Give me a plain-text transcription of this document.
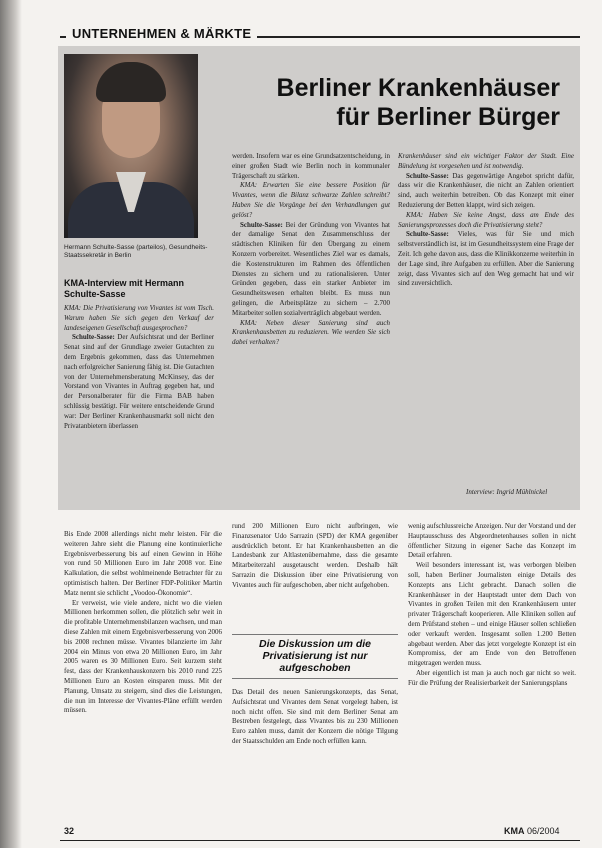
UNTERNEHMEN & MÄRKTE
Hermann Schulte-Sasse (parteilos), Gesundheits-Staatssekretär in Berlin
Berliner Krankenhäuser
für Berliner Bürger
KMA-Interview mit Hermann Schulte-Sasse

KMA: Die Privatisierung von Vivantes ist vom Tisch. Warum haben Sie sich gegen den Verkauf der landeseigenen Gesellschaft ausgesprochen?

Schulte-Sasse: Der Aufsichtsrat und der Berliner Senat sind auf der Grundlage zweier Gutachten zu dem Ergebnis gekommen, dass das Unternehmen nach erfolgreicher Sanierung fähig ist. Die Gutachten von der Unternehmensberatung McKinsey, das der Vorstand von Vivantes in Auftrag gegeben hat, und der Personalberater für die Firma BAB haben schlüssig bestätigt. Für weitere entscheidende Grund war: Der Berliner Krankenhausmarkt soll nicht den Privatanbietern überlassen

werden. Insofern war es eine Grundsatzentscheidung, in einer großen Stadt wie Berlin noch in kommunaler Trägerschaft zu stärken.

KMA: Erwarten Sie eine bessere Position für Vivantes, wenn die Bilanz schwarze Zahlen schreibt? Haben Sie die Vorgänge bei den Verhandlungen gut gelöst?

Schulte-Sasse: Bei der Gründung von Vivantes hat der damalige Senat den Zusammenschluss der städtischen Kliniken für den Übergang zu einem Konzern vorbereitet. Wesentliches Ziel war es damals, die Kostenstrukturen im Rahmen des öffentlichen Dienstes zu sichern und zu rationalisieren. Unter Gründen gegeben, dass ein starker Anbieter im Gesundheitswesen erhalten bleibt. Es muss nun gelingen, die Arbeitsplätze zu sichern – 2.700 Mitarbeiter sollen sozialverträglich abgebaut werden.

KMA: Neben dieser Sanierung sind auch Krankenhausbetten zu reduzieren. Wie werden Sie sich dabei verhalten?

Krankenhäuser sind ein wichtiger Faktor der Stadt. Eine Bündelung ist vorgesehen und ist notwendig.

Schulte-Sasse: Das gegenwärtige Angebot spricht dafür, dass wir die Krankenhäuser, die nicht an Zahlen orientiert sind, auch weiterhin betreiben. Ob das Konzept mit einer Reduzierung der Betten klappt, wird sich zeigen.

KMA: Haben Sie keine Angst, dass am Ende des Sanierungsprozesses doch die Privatisierung steht?

Schulte-Sasse: Vieles, was für Sie und mich selbstverständlich ist, ist im Gesundheitssystem eine Frage der Zeit. Ich gehe davon aus, dass die Klinikkonzerne weiterhin in der Lage sind, ihre Aufgaben zu erfüllen. Aber die Sanierung zeigt, dass Vivantes sich auf den Weg gemacht hat und wir sind zuversichtlich.

Interview: Ingrid Mühlnickel

Bis Ende 2008 allerdings nicht mehr leisten. Für die weiteren Jahre sieht die Planung eine kontinuierliche Ergebnisverbesserung bis auf einen Gewinn in Höhe von rund 50 Millionen Euro im Jahr 2008 vor. Eine Kalkulation, die selbst wohlmeinende Betrachter für zu optimistisch halten. Der Berliner FDP-Politiker Martin Matz nennt sie schlicht „Voodoo-Ökonomie“.

Er verweist, wie viele andere, nicht wo die vielen Millionen herkommen sollen, die plötzlich sehr weit in die profitable Unternehmensbilanzen wachsen, und man diese Zahlen mit einem Ergebnisverbesserung von 2006 bis 2008 rechnen müsse. Vivantes bilanzierte im Jahr 2004 ein Minus von etwa 20 Millionen Euro, im Jahr 2005 waren es 30 Millionen Euro. Seit kurzem steht fest, dass der Krankenhauskonzern bis 2010 rund 225 Millionen Euro an Kosten einsparen muss. Mit der Planung, Umsatz zu steigern, sind dies die Leistungen, die nun im Interesse der Vivantes-Pläne erfüllt werden müssen.

rund 200 Millionen Euro nicht aufbringen, wie Finanzsenator Udo Sarrazin (SPD) der KMA gegenüber ausdrücklich betont. Er hat Krankenhausbetten an die Landesbank zur Altlastenübernahme, dass die gesamte Mitarbeiterzahl ausgetauscht werden. Deshalb hält Sarrazin die Diskussion über eine Privatisierung von Vivantes auch für aufgeschoben, aber nicht aufgehoben.

Die Diskussion um die Privatisierung ist nur aufgeschoben

Das Detail des neuen Sanierungskonzepts, das Senat, Aufsichtsrat und Vivantes dem Senat vorgelegt haben, ist noch nicht offen. Sie sind mit dem Berliner Senat am Bestreben festgelegt, dass Vivantes bis zu 230 Millionen Euro zahlen muss, damit der Konzern die nötige Tilgung der Staatsschulden am Ende noch erfüllen kann.

wenig aufschlussreiche Anzeigen. Nur der Vorstand und der Hauptausschuss des Abgeordnetenhauses sollen in nicht öffentlicher Sitzung in eigener Sache das Konzept im Detail erfahren.

Weil besonders interessant ist, was verborgen bleiben soll, haben Berliner Journalisten einige Details des Konzepts ans Licht gebracht. Danach sollen die Krankenhäuser in der Hauptstadt unter dem Dach von Vivantes in großen Teilen mit den Krankenhäusern unter privater Trägerschaft kooperieren. Alle Kliniken sollen auf dem Prüfstand stehen – und einige Häuser sollen schließen oder verkauft werden. Insgesamt sollen 1.200 Betten abgebaut werden. Aber das jetzt vorgelegte Konzept ist ein Kompromiss, der am Ende von den Betroffenen mitgetragen werden muss.

Aber eigentlich ist man ja auch noch gar nicht so weit. Für die Prüfung der Realisierbarkeit der Sanierungsplans

32	KMA 06/2004
